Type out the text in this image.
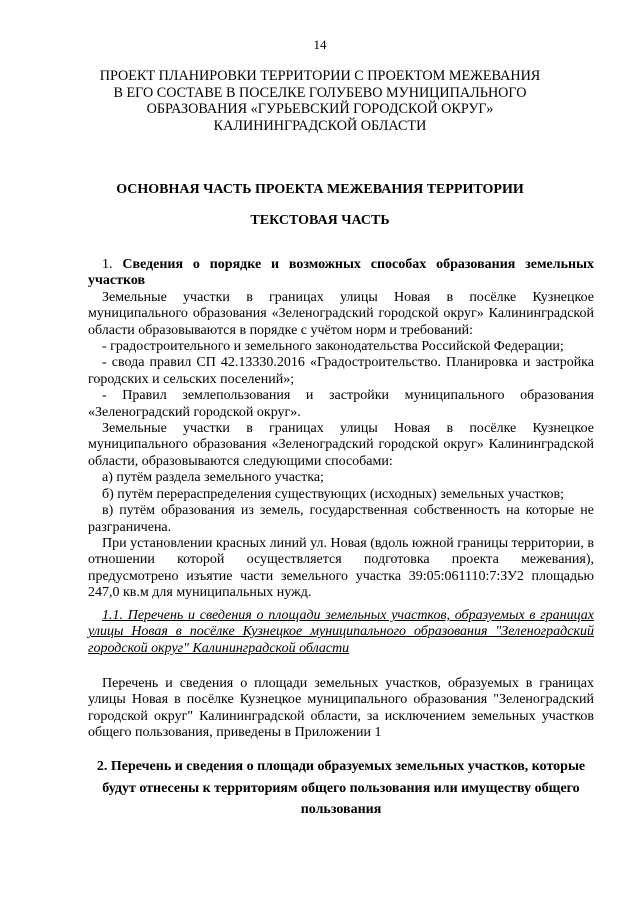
14
ПРОЕКТ ПЛАНИРОВКИ ТЕРРИТОРИИ С ПРОЕКТОМ МЕЖЕВАНИЯ
В ЕГО СОСТАВЕ В ПОСЕЛКЕ ГОЛУБЕВО МУНИЦИПАЛЬНОГО
ОБРАЗОВАНИЯ «ГУРЬЕВСКИЙ ГОРОДСКОЙ ОКРУГ»
КАЛИНИНГРАДСКОЙ ОБЛАСТИ
ОСНОВНАЯ ЧАСТЬ ПРОЕКТА МЕЖЕВАНИЯ ТЕРРИТОРИИ
ТЕКСТОВАЯ ЧАСТЬ
1. Сведения о порядке и возможных способах образования земельных участков
Земельные участки в границах улицы Новая в посёлке Кузнецкое муниципального образования «Зеленоградский городской округ» Калининградской области образовываются в порядке с учётом норм и требований:
- градостроительного и земельного законодательства Российской Федерации;
- свода правил СП 42.13330.2016 «Градостроительство. Планировка и застройка городских и сельских поселений»;
- Правил землепользования и застройки муниципального образования «Зеленоградский городской округ».
Земельные участки в границах улицы Новая в посёлке Кузнецкое муниципального образования «Зеленоградский городской округ» Калининградской области, образовываются следующими способами:
а) путём раздела земельного участка;
б) путём перераспределения существующих (исходных) земельных участков;
в) путём образования из земель, государственная собственность на которые не разграничена.
При установлении красных линий ул. Новая (вдоль южной границы территории, в отношении которой осуществляется подготовка проекта межевания), предусмотрено изъятие части земельного участка 39:05:061110:7:ЗУ2 площадью 247,0 кв.м для муниципальных нужд.
1.1. Перечень и сведения о площади земельных участков, образуемых в границах улицы Новая в посёлке Кузнецкое муниципального образования "Зеленоградский городской округ" Калининградской области
Перечень и сведения о площади земельных участков, образуемых в границах улицы Новая в посёлке Кузнецкое муниципального образования "Зеленоградский городской округ" Калининградской области, за исключением земельных участков общего пользования, приведены в Приложении 1
2. Перечень и сведения о площади образуемых земельных участков, которые
будут отнесены к территориям общего пользования или имуществу общего
пользования
